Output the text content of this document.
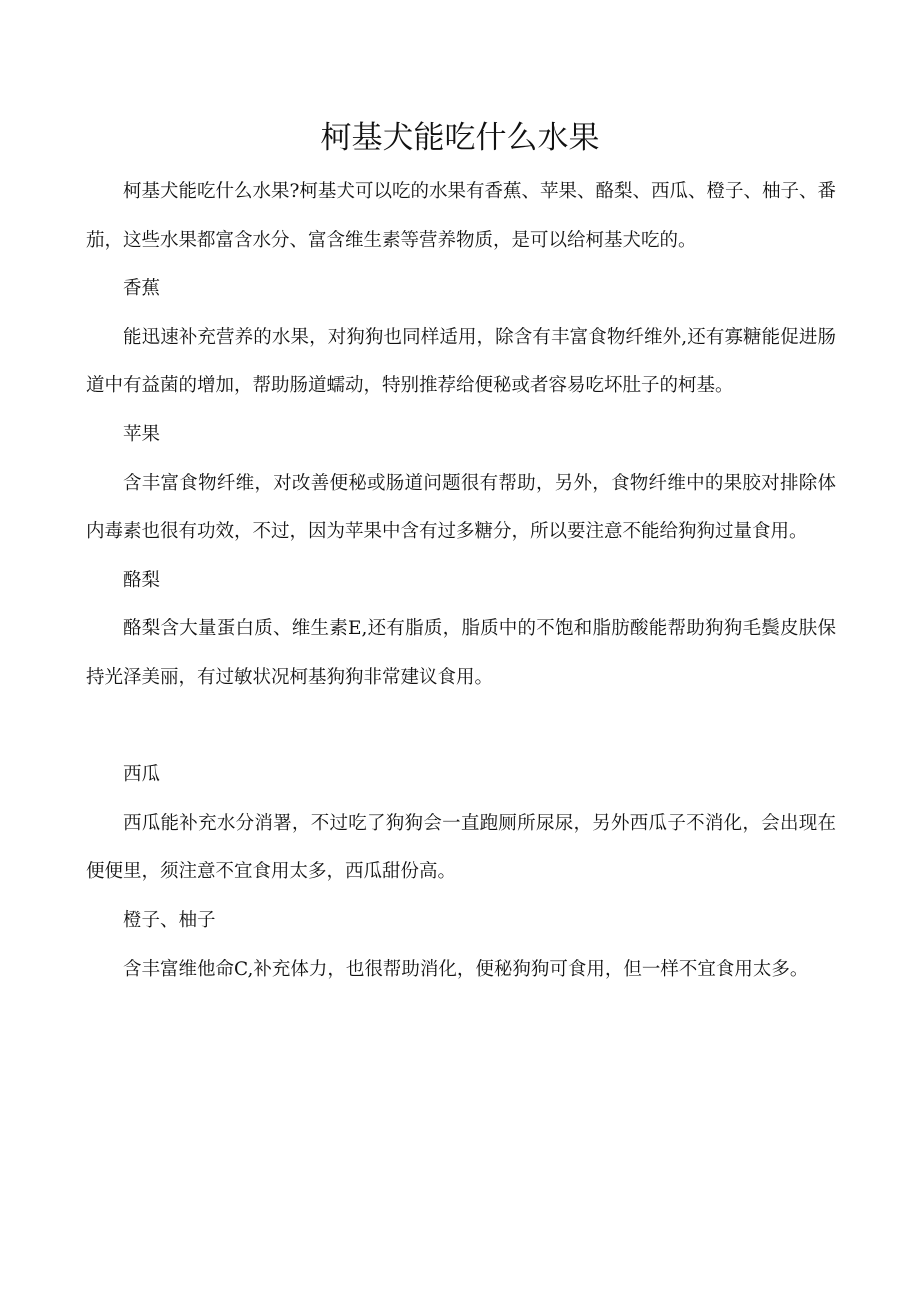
柯基犬能吃什么水果

柯基犬能吃什么水果?柯基犬可以吃的水果有香蕉、苹果、酪梨、西瓜、橙子、柚子、番茄，这些水果都富含水分、富含维生素等营养物质，是可以给柯基犬吃的。

香蕉

能迅速补充营养的水果，对狗狗也同样适用，除含有丰富食物纤维外,还有寡糖能促进肠道中有益菌的增加，帮助肠道蠕动，特别推荐给便秘或者容易吃坏肚子的柯基。

苹果

含丰富食物纤维，对改善便秘或肠道问题很有帮助，另外，食物纤维中的果胶对排除体内毒素也很有功效，不过，因为苹果中含有过多糖分，所以要注意不能给狗狗过量食用。

酪梨

酪梨含大量蛋白质、维生素E,还有脂质，脂质中的不饱和脂肪酸能帮助狗狗毛鬓皮肤保持光泽美丽，有过敏状况柯基狗狗非常建议食用。

西瓜

西瓜能补充水分消署，不过吃了狗狗会一直跑厕所尿尿，另外西瓜子不消化，会出现在便便里，须注意不宜食用太多，西瓜甜份高。

橙子、柚子

含丰富维他命C,补充体力，也很帮助消化，便秘狗狗可食用，但一样不宜食用太多。
